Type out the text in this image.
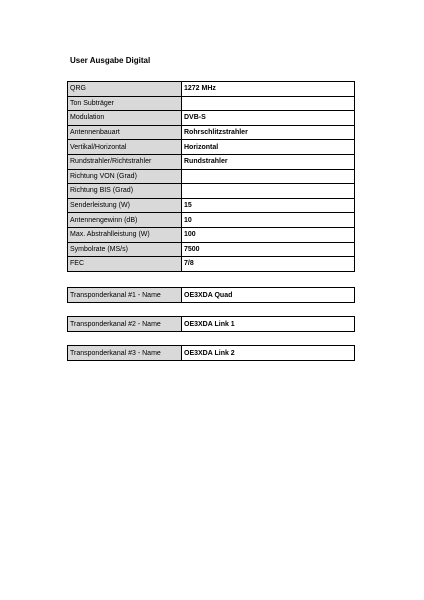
User Ausgabe Digital
QRG	1272 MHz
Ton Subträger	
Modulation	DVB-S
Antennenbauart	Rohrschlitzstrahler
Vertikal/Horizontal	Horizontal
Rundstrahler/Richtstrahler	Rundstrahler
Richtung VON (Grad)	
Richtung BIS (Grad)	
Senderleistung (W)	15
Antennengewinn (dB)	10
Max. Abstrahlleistung (W)	100
Symbolrate (MS/s)	7500
FEC	7/8
Transponderkanal #1 - Name	OE3XDA Quad
Transponderkanal #2 - Name	OE3XDA Link 1
Transponderkanal #3 - Name	OE3XDA Link 2
